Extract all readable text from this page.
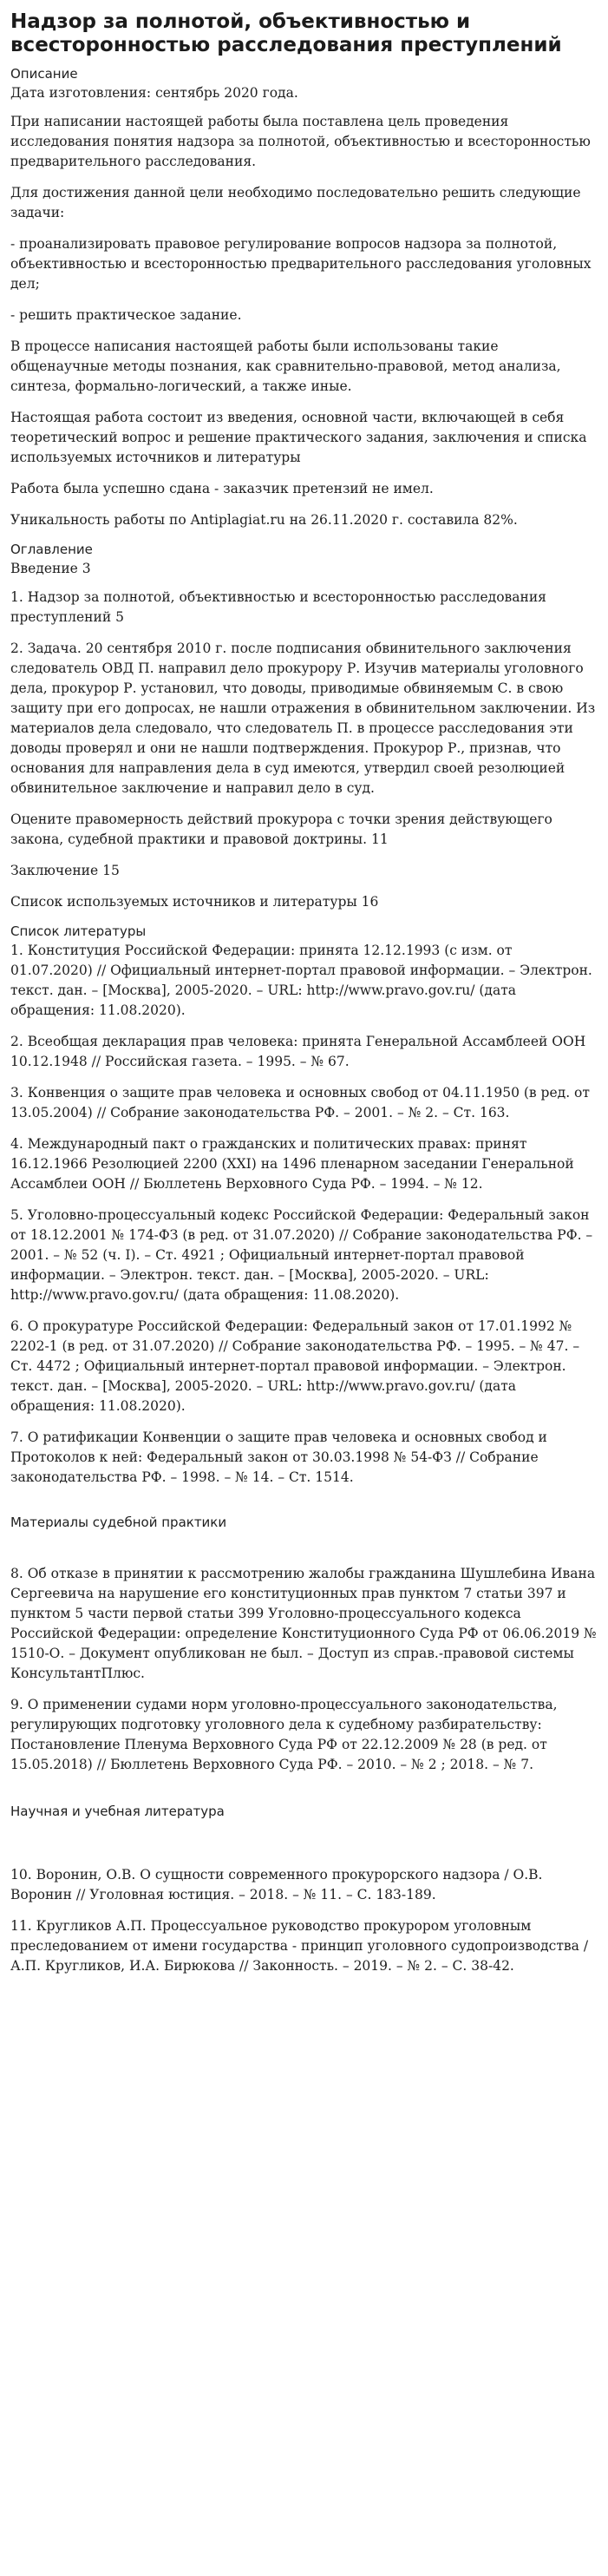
Надзор за полнотой, объективностью и всесторонностью расследования преступлений
Описание

Дата изготовления: сентябрь 2020 года.

При написании настоящей работы была поставлена цель проведения исследования понятия надзора за полнотой, объективностью и всесторонностью предварительного расследования.

Для достижения данной цели необходимо последовательно решить следующие задачи:

- проанализировать правовое регулирование вопросов надзора за полнотой, объективностью и всесторонностью предварительного расследования уголовных дел;

- решить практическое задание.

В процессе написания настоящей работы были использованы такие общенаучные методы познания, как сравнительно-правовой, метод анализа, синтеза, формально-логический, а также иные.

Настоящая работа состоит из введения, основной части, включающей в себя теоретический вопрос и решение практического задания, заключения и списка используемых источников и литературы

Работа была успешно сдана - заказчик претензий не имел.

Уникальность работы по Antiplagiat.ru на 26.11.2020 г. составила 82%.

Оглавление

Введение 3

1. Надзор за полнотой, объективностью и всесторонностью расследования преступлений 5

2. Задача. 20 сентября 2010 г. после подписания обвинительного заключения следователь ОВД П. направил дело прокурору Р. Изучив материалы уголовного дела, прокурор Р. установил, что доводы, приводимые обвиняемым С. в свою защиту при его допросах, не нашли отражения в обвинительном заключении. Из материалов дела следовало, что следователь П. в процессе расследования эти доводы проверял и они не нашли подтверждения. Прокурор Р., признав, что основания для направления дела в суд имеются, утвердил своей резолюцией обвинительное заключение и направил дело в суд.

Оцените правомерность действий прокурора с точки зрения действующего закона, судебной практики и правовой доктрины. 11

Заключение 15

Список используемых источников и литературы 16

Список литературы

1. Конституция Российской Федерации: принята 12.12.1993 (с изм. от 01.07.2020) // Официальный интернет-портал правовой информации. – Электрон. текст. дан. – [Москва], 2005-2020. – URL: http://www.pravo.gov.ru/ (дата обращения: 11.08.2020).

2. Всеобщая декларация прав человека: принята Генеральной Ассамблеей ООН 10.12.1948 // Российская газета. – 1995. – № 67.

3. Конвенция о защите прав человека и основных свобод от 04.11.1950 (в ред. от 13.05.2004) // Собрание законодательства РФ. – 2001. – № 2. – Ст. 163.

4. Международный пакт о гражданских и политических правах: принят 16.12.1966 Резолюцией 2200 (XXI) на 1496 пленарном заседании Генеральной Ассамблеи ООН // Бюллетень Верховного Суда РФ. – 1994. – № 12.

5. Уголовно-процессуальный кодекс Российской Федерации: Федеральный закон от 18.12.2001 № 174-ФЗ (в ред. от 31.07.2020) // Собрание законодательства РФ. – 2001. – № 52 (ч. I). – Ст. 4921 ; Официальный интернет-портал правовой информации. – Электрон. текст. дан. – [Москва], 2005-2020. – URL: http://www.pravo.gov.ru/ (дата обращения: 11.08.2020).

6. О прокуратуре Российской Федерации: Федеральный закон от 17.01.1992 № 2202-1 (в ред. от 31.07.2020) // Собрание законодательства РФ. – 1995. – № 47. – Ст. 4472 ; Официальный интернет-портал правовой информации. – Электрон. текст. дан. – [Москва], 2005-2020. – URL: http://www.pravo.gov.ru/ (дата обращения: 11.08.2020).

7. О ратификации Конвенции о защите прав человека и основных свобод и Протоколов к ней: Федеральный закон от 30.03.1998 № 54-ФЗ // Собрание законодательства РФ. – 1998. – № 14. – Ст. 1514.

Материалы судебной практики

8. Об отказе в принятии к рассмотрению жалобы гражданина Шушлебина Ивана Сергеевича на нарушение его конституционных прав пунктом 7 статьи 397 и пунктом 5 части первой статьи 399 Уголовно-процессуального кодекса Российской Федерации: определение Конституционного Суда РФ от 06.06.2019 № 1510-О. – Документ опубликован не был. – Доступ из справ.-правовой системы КонсультантПлюс.

9. О применении судами норм уголовно-процессуального законодательства, регулирующих подготовку уголовного дела к судебному разбирательству: Постановление Пленума Верховного Суда РФ от 22.12.2009 № 28 (в ред. от 15.05.2018) // Бюллетень Верховного Суда РФ. – 2010. – № 2 ; 2018. – № 7.

Научная и учебная литература

10. Воронин, О.В. О сущности современного прокурорского надзора / О.В. Воронин // Уголовная юстиция. – 2018. – № 11. – С. 183-189.

11. Кругликов А.П. Процессуальное руководство прокурором уголовным преследованием от имени государства - принцип уголовного судопроизводства / А.П. Кругликов, И.А. Бирюкова // Законность. – 2019. – № 2. – С. 38-42.
